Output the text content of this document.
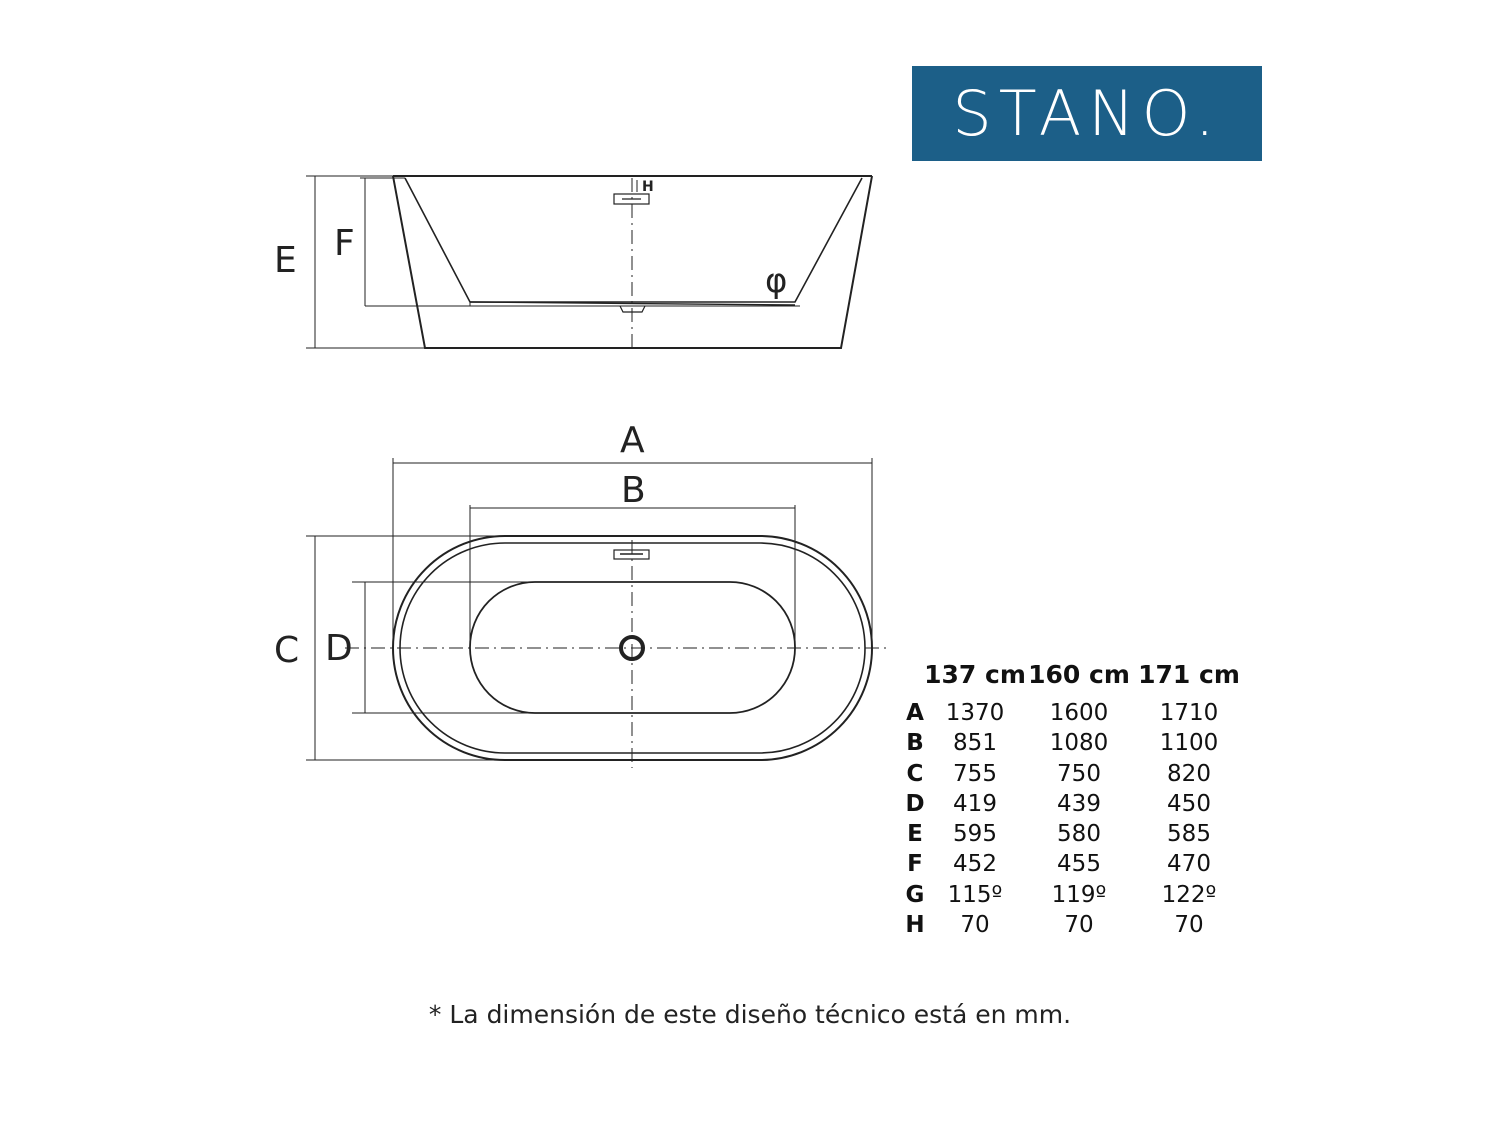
STANO.
E F
H
φ
A
B
C D
137 cm 160 cm 171 cm
A 1370 1600 1710
B 851 1080 1100
C 755	750	820
D 419	439	450
E 595	580	585
F 452	455	470
G 115º 119º 122º
H 70	70	70
* La dimensión de este diseño técnico está en mm.
